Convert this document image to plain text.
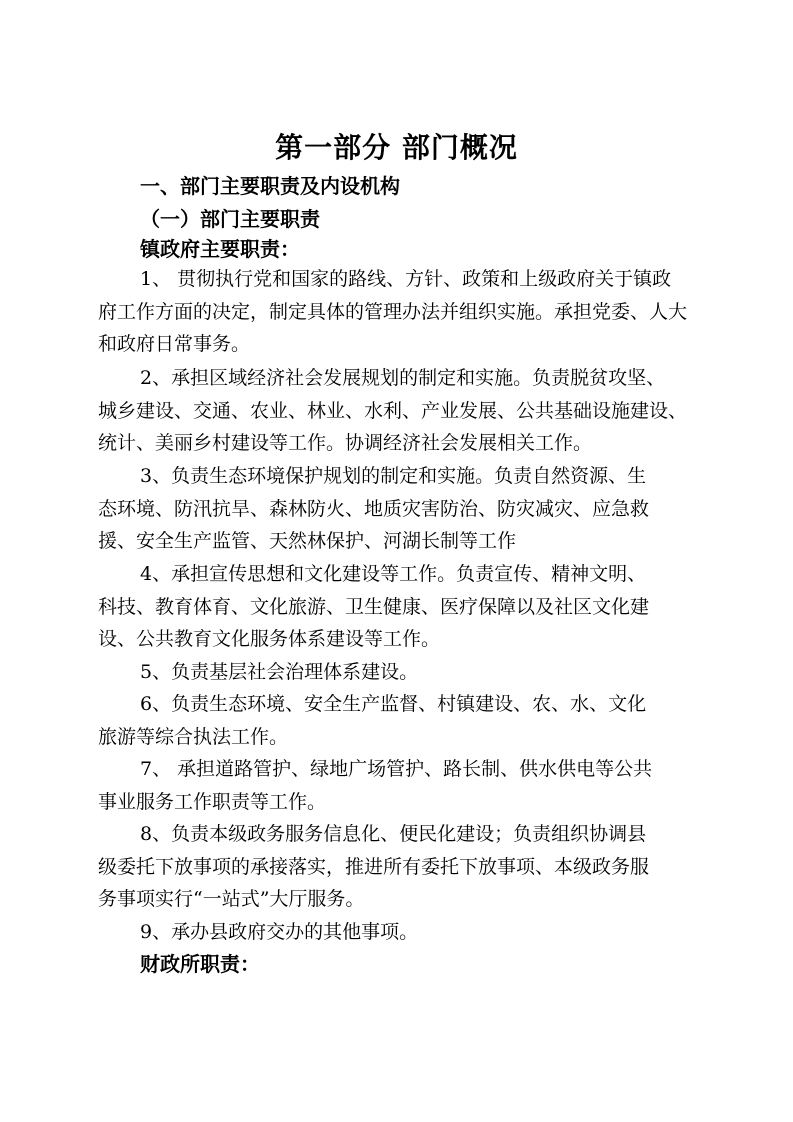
第一部分 部门概况
一、部门主要职责及内设机构
（一）部门主要职责
镇政府主要职责：
1、 贯彻执行党和国家的路线、方针、政策和上级政府关于镇政
府工作方面的决定，制定具体的管理办法并组织实施。承担党委、人大
和政府日常事务。
2、承担区域经济社会发展规划的制定和实施。负责脱贫攻坚、
城乡建设、交通、农业、林业、水利、产业发展、公共基础设施建设、
统计、美丽乡村建设等工作。协调经济社会发展相关工作。
3、负责生态环境保护规划的制定和实施。负责自然资源、生
态环境、防汛抗旱、森林防火、地质灾害防治、防灾减灾、应急救
援、安全生产监管、天然林保护、河湖长制等工作
4、承担宣传思想和文化建设等工作。负责宣传、精神文明、
科技、教育体育、文化旅游、卫生健康、医疗保障以及社区文化建
设、公共教育文化服务体系建设等工作。
5、负责基层社会治理体系建设。
6、负责生态环境、安全生产监督、村镇建设、农、水、文化
旅游等综合执法工作。
7、 承担道路管护、绿地广场管护、路长制、供水供电等公共
事业服务工作职责等工作。
8、负责本级政务服务信息化、便民化建设；负责组织协调县
级委托下放事项的承接落实，推进所有委托下放事项、本级政务服
务事项实行“一站式”大厅服务。
9、承办县政府交办的其他事项。
财政所职责：
